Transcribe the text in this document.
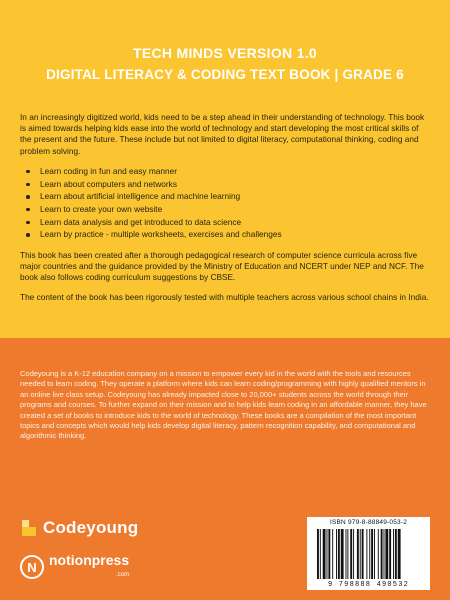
TECH MINDS VERSION 1.0
DIGITAL LITERACY & CODING TEXT BOOK | GRADE 6

In an increasingly digitized world, kids need to be a step ahead in their understanding of technology. This book is aimed towards helping kids ease into the world of technology and start developing the most critical skills of the present and the future. These include but not limited to digital literacy, computational thinking, coding and problem solving.

Learn coding in fun and easy manner
Learn about computers and networks
Learn about artificial intelligence and machine learning
Learn to create your own website
Learn data analysis and get introduced to data science
Learn by practice - multiple worksheets, exercises and challenges

This book has been created after a thorough pedagogical research of computer science curricula across five major countries and the guidance provided by the Ministry of Education and NCERT under NEP and NCF. The book also follows coding curriculum suggestions by CBSE.

The content of the book has been rigorously tested with multiple teachers across various school chains in India.

Codeyoung is a K-12 education company on a mission to empower every kid in the world with the tools and resources needed to learn coding. They operate a platform where kids can learn coding/programming with highly qualified mentors in an online live class setup. Codeyoung has already impacted close to 20,000+ students across the world through their programs and courses. To further expand on their mission and to help kids learn coding in an affordable manner, they have created a set of books to introduce kids to the world of technology. These books are a compilation of the most important topics and concepts which would help kids develop digital literacy, pattern recognition capability, and computational and algorithmic thinking.
Codeyoung
N notionpress
.com
ISBN 979-8-88849-053-2
9 798888 490532
